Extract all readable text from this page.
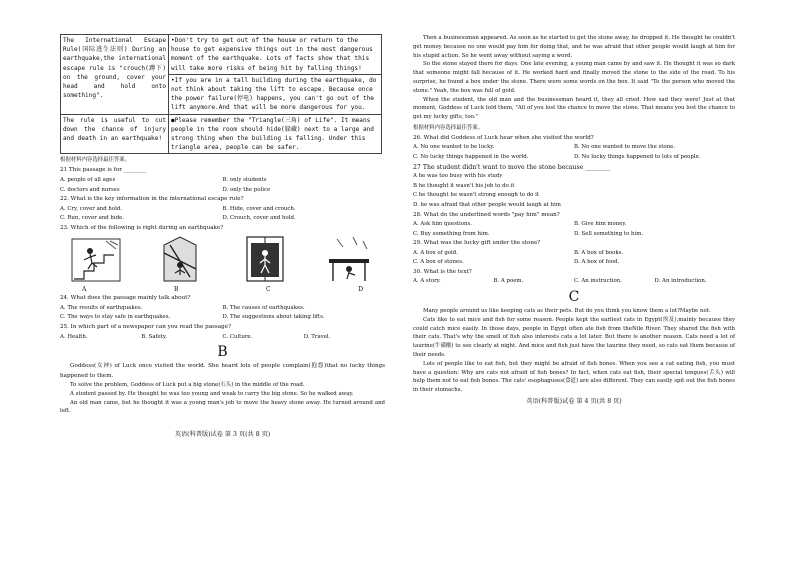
The International Escape Rule(国际逃生法则) During an earthquake,the international escape rule is "crouch(蹲下) on the ground, cover your head and hold onto something".	•Don't try to get out of the house or return to the house to get expensive things out in the most dangerous moment of the earthquake. Lots of facts show that this will take more risks of being hit by falling things!
	•If you are in a tall building during the earthquake, do not think about taking the lift to escape. Because once the power failure(停电) happens, you can't go out of the lift anymore.And that will be more dangerous for you.
The rule is useful to cut down the chance of injury and death in an earthquake!	●Please remember the "Triangle(三角) of Life". It means people in the room should hide(躲藏) next to a large and strong thing when the building is falling. Under this triangle area, people can be safer.
根据材料内容选择最佳答案。
21 This passage is for ________
A. people of all ages	B. only students
C. doctors and nurses	D. only the police
22. What is the key information in the international escape rule?
A. Cry, cover and hold.	B. Hide, cover and crouch.
C. Run, cover and hide.	D. Crouch, cover and hold.
23. Which of the following is right during an earthquake?
A	B	C	D
24. What does the passage mainly talk about?
A. The results of earthquakes.	B. The causes of earthquakes.
C. The ways to stay safe in earthquakes.	D. The suggestions about taking lifts.
25. In which part of a newspaper can you read the passage?
A. Health.	B. Safety.	C. Culture.	D. Travel.
B

Goddess(女神) of Luck once visited the world. She heard lots of people complain(抱怨)that no lucky things happened to them.

To solve the problem, Goddess of Luck put a big stone(石头) in the middle of the road.

A student passed by. He thought he was too young and weak to carry the big stone. So he walked away.

An old man came, but he thought it was a young man's job to move the heavy stone away. He turned around and left.

英语(科普版)试卷 第 3 页(共 8 页)

Then a businessman appeared. As soon as he started to get the stone away, he dropped it. He thought he couldn't get money because no one would pay him for doing that, and he was afraid that other people would laugh at him for his stupid action. So he went away without saying a word.

So the stone stayed there for days. One late evening, a young man came by and saw it. He thought it was so dark that someone might fall because of it. He worked hard and finally moved the stone to the side of the road. To his surprise, he found a box under the stone. There were some words on the box. It said "To the person who moved the stone." Yeah, the box was full of gold.

When the student, the old man and the businessman heard it, they all cried. How sad they were! Just at that moment, Goddess of Luck told them, "All of you lost the chance to move the stone. That means you lost the chance to get my lucky gifts, too."

根据材料内容选择最佳答案。
26. What did Goddess of Luck hear when she visited the world?
A. No one wanted to be lucky.	B. No one wanted to move the stone.
C. No lucky things happened in the world.	D. No lucky things happened to lots of people.
27 The student didn't want to move the stone because ________
A he was too busy with his study
B he thought it wasn't his job to do it
C he thought he wasn't strong enough to do it
D. he was afraid that other people would laugh at him
28. What do the underlined words "pay him" mean?
A. Ask him questions.	B. Give him money.
C. Buy something from him.	D. Sell something to him.
29. What was the lucky gift under the stone?
A. A box of gold.	B. A box of books.
C. A box of stones.	D. A box of food.
30. What is the text?
A. A story.	B. A poem.	C. An instruction.	D. An introduction.
C

Many people around us like keeping cats as their pets. But do you think you know them a lot?Maybe not.

Cats like to eat mice and fish for some reason. People kept the earliest cats in Egypt(埃及),mainly because they could catch mice easily. In those days, people in Egypt often ate fish from theNile River. They shared the fish with their cats. That's why the smell of fish also interests cats a lot later. But there is another reason. Cats need a lot of taurine(牛磺酸) to see clearly at night. And mice and fish just have the taurine they need, so cats eat them because of their needs.

Lots of people like to eat fish, but they might be afraid of fish bones. When you see a cat eating fish, you must have a question: Why are cats not afraid of fish bones? In fact, when cats eat fish, their special tongues(舌头) will help them not to eat fish bones. The cats' esophaguses(食道) are also different. They can easily spit out the fish bones in their stomachs.

英语(科普版)试卷 第 4 页(共 8 页)
